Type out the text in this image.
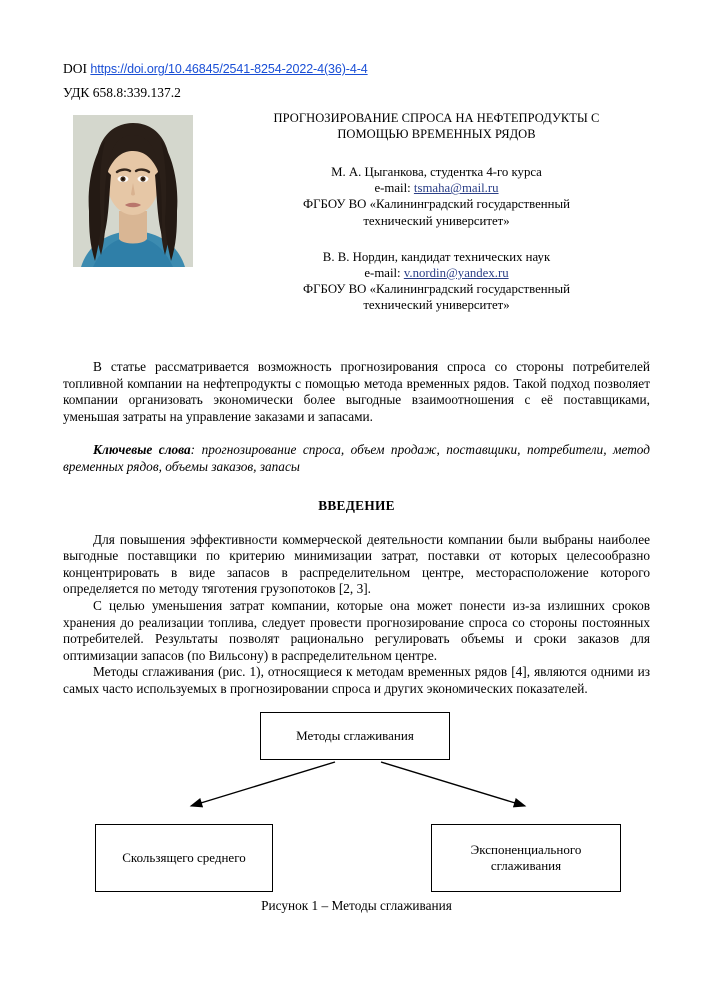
DOI https://doi.org/10.46845/2541-8254-2022-4(36)-4-4
УДК 658.8:339.137.2
ПРОГНОЗИРОВАНИЕ СПРОСА НА НЕФТЕПРОДУКТЫ С
ПОМОЩЬЮ ВРЕМЕННЫХ РЯДОВ
М. А. Цыганкова, студентка 4-го курса
e-mail: tsmaha@mail.ru
ФГБОУ ВО «Калининградский государственный
технический университет»
В. В. Нордин, кандидат технических наук
e-mail: v.nordin@yandex.ru
ФГБОУ ВО «Калининградский государственный
технический университет»

В статье рассматривается возможность прогнозирования спроса со стороны потребителей топливной компании на нефтепродукты с помощью метода временных рядов. Такой подход позволяет компании организовать экономически более выгодные взаимоотношения с её поставщиками, уменьшая затраты на управление заказами и запасами.

Ключевые слова: прогнозирование спроса, объем продаж, поставщики, потребители, метод временных рядов, объемы заказов, запасы

ВВЕДЕНИЕ

Для повышения эффективности коммерческой деятельности компании были выбраны наиболее выгодные поставщики по критерию минимизации затрат, поставки от которых целесообразно концентрировать в виде запасов в распределительном центре, месторасположение которого определяется по методу тяготения грузопотоков [2, 3].

С целью уменьшения затрат компании, которые она может понести из-за излишних сроков хранения до реализации топлива, следует провести прогнозирование спроса со стороны постоянных потребителей. Результаты позволят рационально регулировать объемы и сроки заказов для оптимизации запасов (по Вильсону) в распределительном центре.

Методы сглаживания (рис. 1), относящиеся к методам временных рядов [4], являются одними из самых часто используемых в прогнозировании спроса и других экономических показателей.

Методы сглаживания
Скользящего среднего
Экспоненциального
сглаживания
Рисунок 1 – Методы сглаживания
